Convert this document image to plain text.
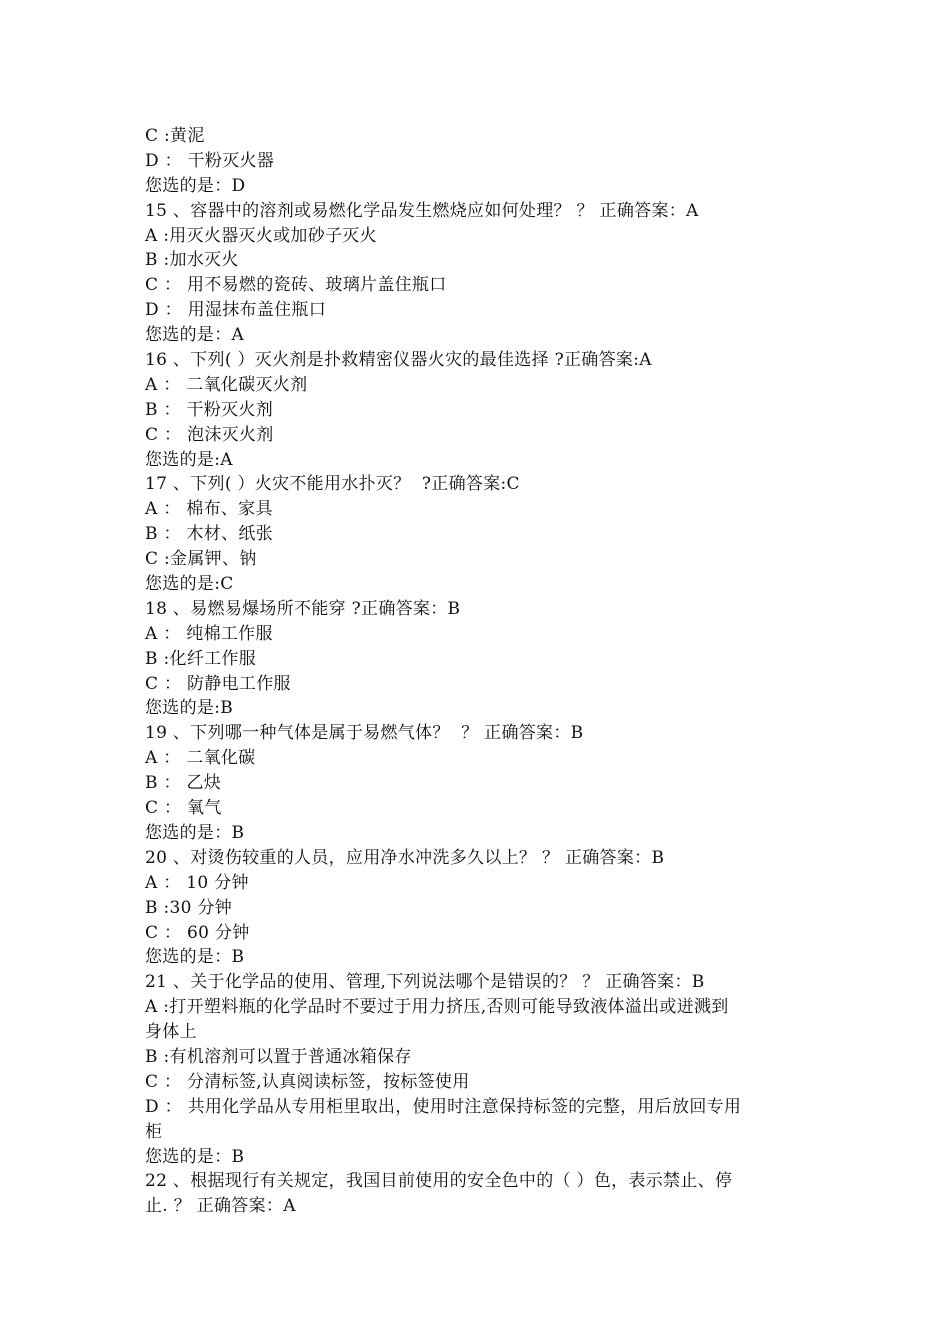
C :黄泥
D ： 干粉灭火器
您选的是：D
15 、容器中的溶剂或易燃化学品发生燃烧应如何处理？ ？ 正确答案：A
A :用灭火器灭火或加砂子灭火
B :加水灭火
C ： 用不易燃的瓷砖、玻璃片盖住瓶口
D ： 用湿抹布盖住瓶口
您选的是：A
16 、下列( ）灭火剂是扑救精密仪器火灾的最佳选择 ?正确答案:A
A ： 二氧化碳灭火剂
B ： 干粉灭火剂
C ： 泡沫灭火剂
您选的是:A
17 、下列( ）火灾不能用水扑灭？  ?正确答案:C
A ： 棉布、家具
B ： 木材、纸张
C :金属钾、钠
您选的是:C
18 、易燃易爆场所不能穿 ?正确答案：B
A ： 纯棉工作服
B :化纤工作服
C ： 防静电工作服
您选的是:B
19 、下列哪一种气体是属于易燃气体？  ？ 正确答案：B
A ： 二氧化碳
B ： 乙炔
C ： 氧气
您选的是：B
20 、对烫伤较重的人员，应用净水冲洗多久以上？ ？ 正确答案：B
A ： 10 分钟
B :30 分钟
C ： 60 分钟
您选的是：B
21 、关于化学品的使用、管理,下列说法哪个是错误的？ ？ 正确答案：B
A :打开塑料瓶的化学品时不要过于用力挤压,否则可能导致液体溢出或迸溅到
身体上
B :有机溶剂可以置于普通冰箱保存
C ： 分清标签,认真阅读标签，按标签使用
D ： 共用化学品从专用柜里取出，使用时注意保持标签的完整，用后放回专用
柜
您选的是：B
22 、根据现行有关规定，我国目前使用的安全色中的（ ）色，表示禁止、停
止. ？ 正确答案：A
